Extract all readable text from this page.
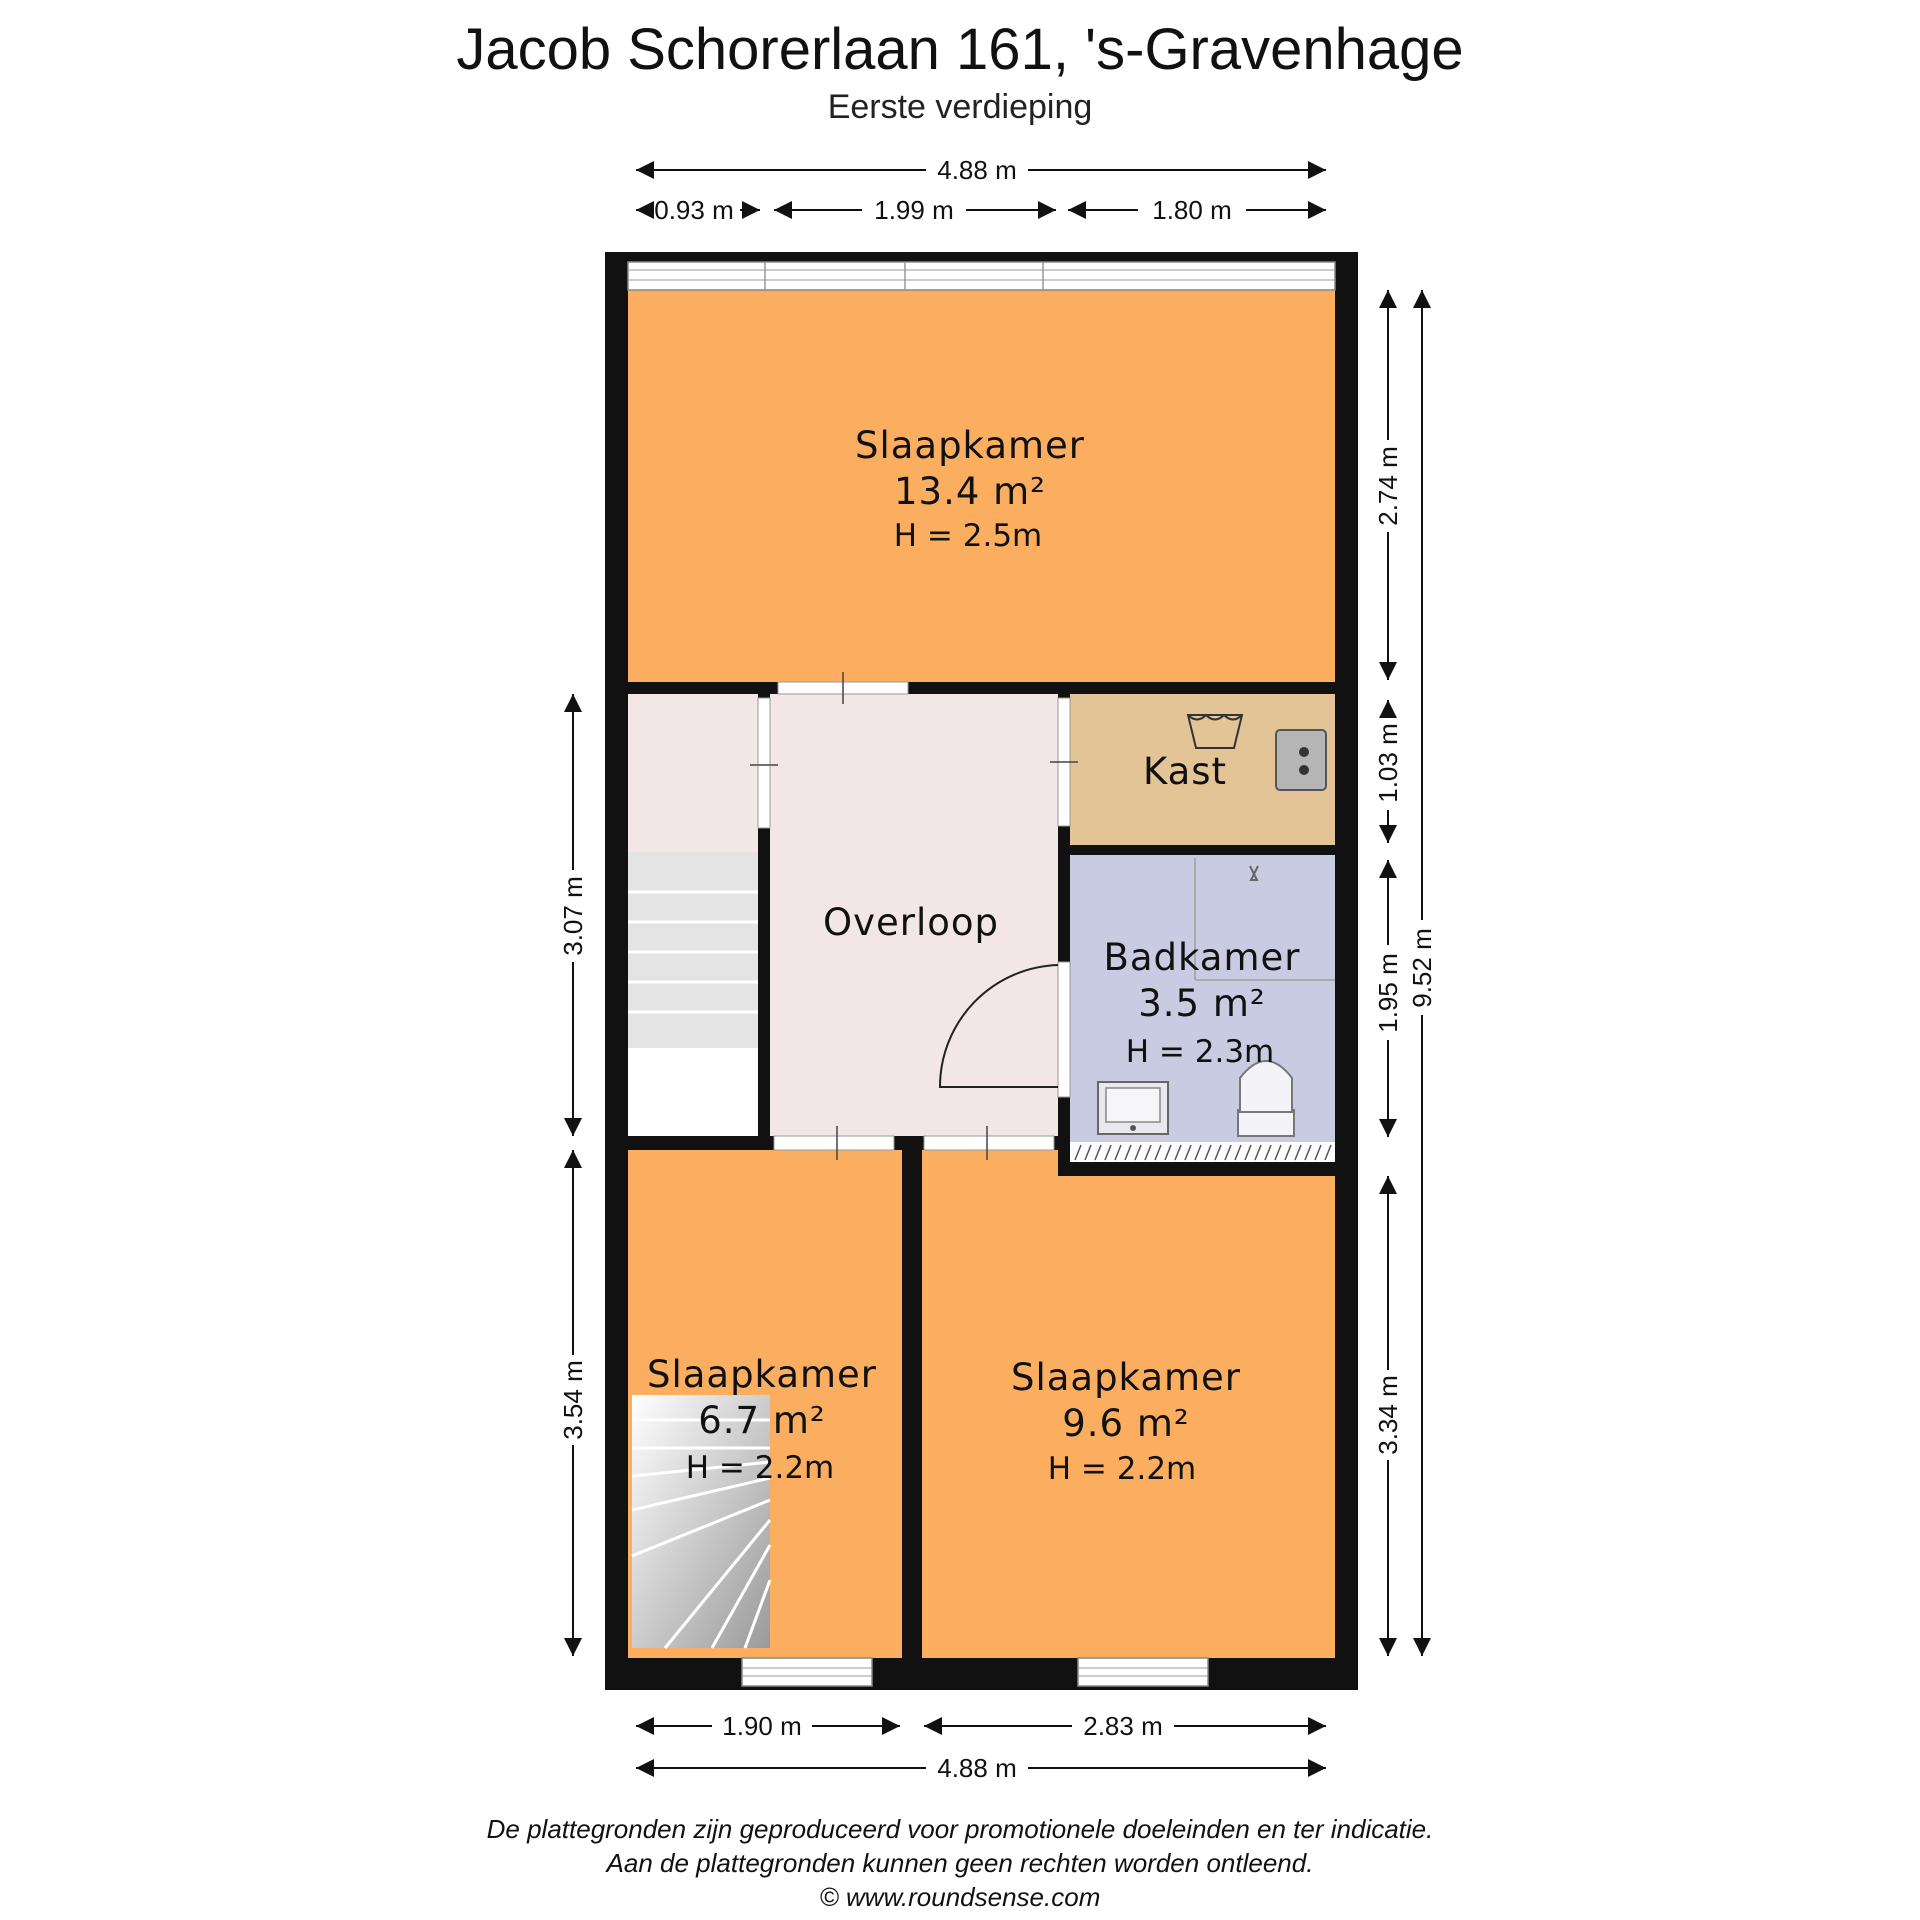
Jacob Schorerlaan 161, 's-Gravenhage
Eerste verdieping
Slaapkamer
13.4 m²
H = 2.5m
Kast
Overloop
Badkamer
3.5 m²
H = 2.3m
Slaapkamer
6.7 m²
H = 2.2m
Slaapkamer
9.6 m²
H = 2.2m
4.88 m
0.93 m	1.99 m	1.80 m
2.74 m
1.03 m
1.95 m
3.34 m
9.52 m
3.07 m
3.54 m
1.90 m	2.83 m
4.88 m
De plattegronden zijn geproduceerd voor promotionele doeleinden en ter indicatie.
Aan de plattegronden kunnen geen rechten worden ontleend.
© www.roundsense.com
